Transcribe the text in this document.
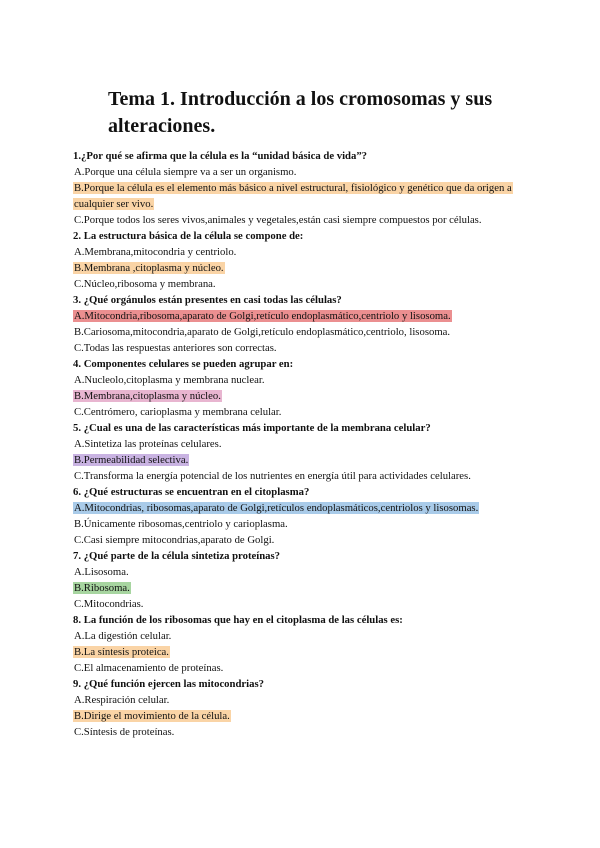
Tema 1. Introducción a los cromosomas y sus alteraciones.

1.¿Por qué se afirma que la célula es la “unidad básica de vida”?

A.Porque una célula siempre va a ser un organismo.

B.Porque la célula es el elemento más básico a nivel estructural, fisiológico y genético que da origen a cualquier ser vivo.

C.Porque todos los seres vivos,animales y vegetales,están casi siempre compuestos por células.

2. La estructura básica de la célula se compone de:

A.Membrana,mitocondria y centriolo.

B.Membrana ,citoplasma y núcleo.

C.Núcleo,ribosoma y membrana.

3. ¿Qué orgánulos están presentes en casi todas las células?

A.Mitocondria,ribosoma,aparato de Golgi,retículo endoplasmático,centriolo y lisosoma.

B.Cariosoma,mitocondria,aparato de Golgi,retículo endoplasmático,centriolo, lisosoma.

C.Todas las respuestas anteriores son correctas.

4. Componentes celulares se pueden agrupar en:

A.Nucleolo,citoplasma y membrana nuclear.

B.Membrana,citoplasma y núcleo.

C.Centrómero, carioplasma y membrana celular.

5. ¿Cual es una de las características más importante de la membrana celular?

A.Sintetiza las proteínas celulares.

B.Permeabilidad selectiva.

C.Transforma la energía potencial de los nutrientes en energía útil para actividades celulares.

6. ¿Qué estructuras se encuentran en el citoplasma?

A.Mitocondrias, ribosomas,aparato de Golgi,retículos endoplasmáticos,centriolos y lisosomas.

B.Únicamente ribosomas,centriolo y carioplasma.

C.Casi siempre mitocondrias,aparato de Golgi.

7. ¿Qué parte de la célula sintetiza proteínas?

A.Lisosoma.

B.Ribosoma.

C.Mitocondrias.

8. La función de los ribosomas que hay en el citoplasma de las células es:

A.La digestión celular.

B.La síntesis proteica.

C.El almacenamiento de proteínas.

9. ¿Qué función ejercen las mitocondrias?

A.Respiración celular.

B.Dirige el movimiento de la célula.

C.Síntesis de proteínas.
